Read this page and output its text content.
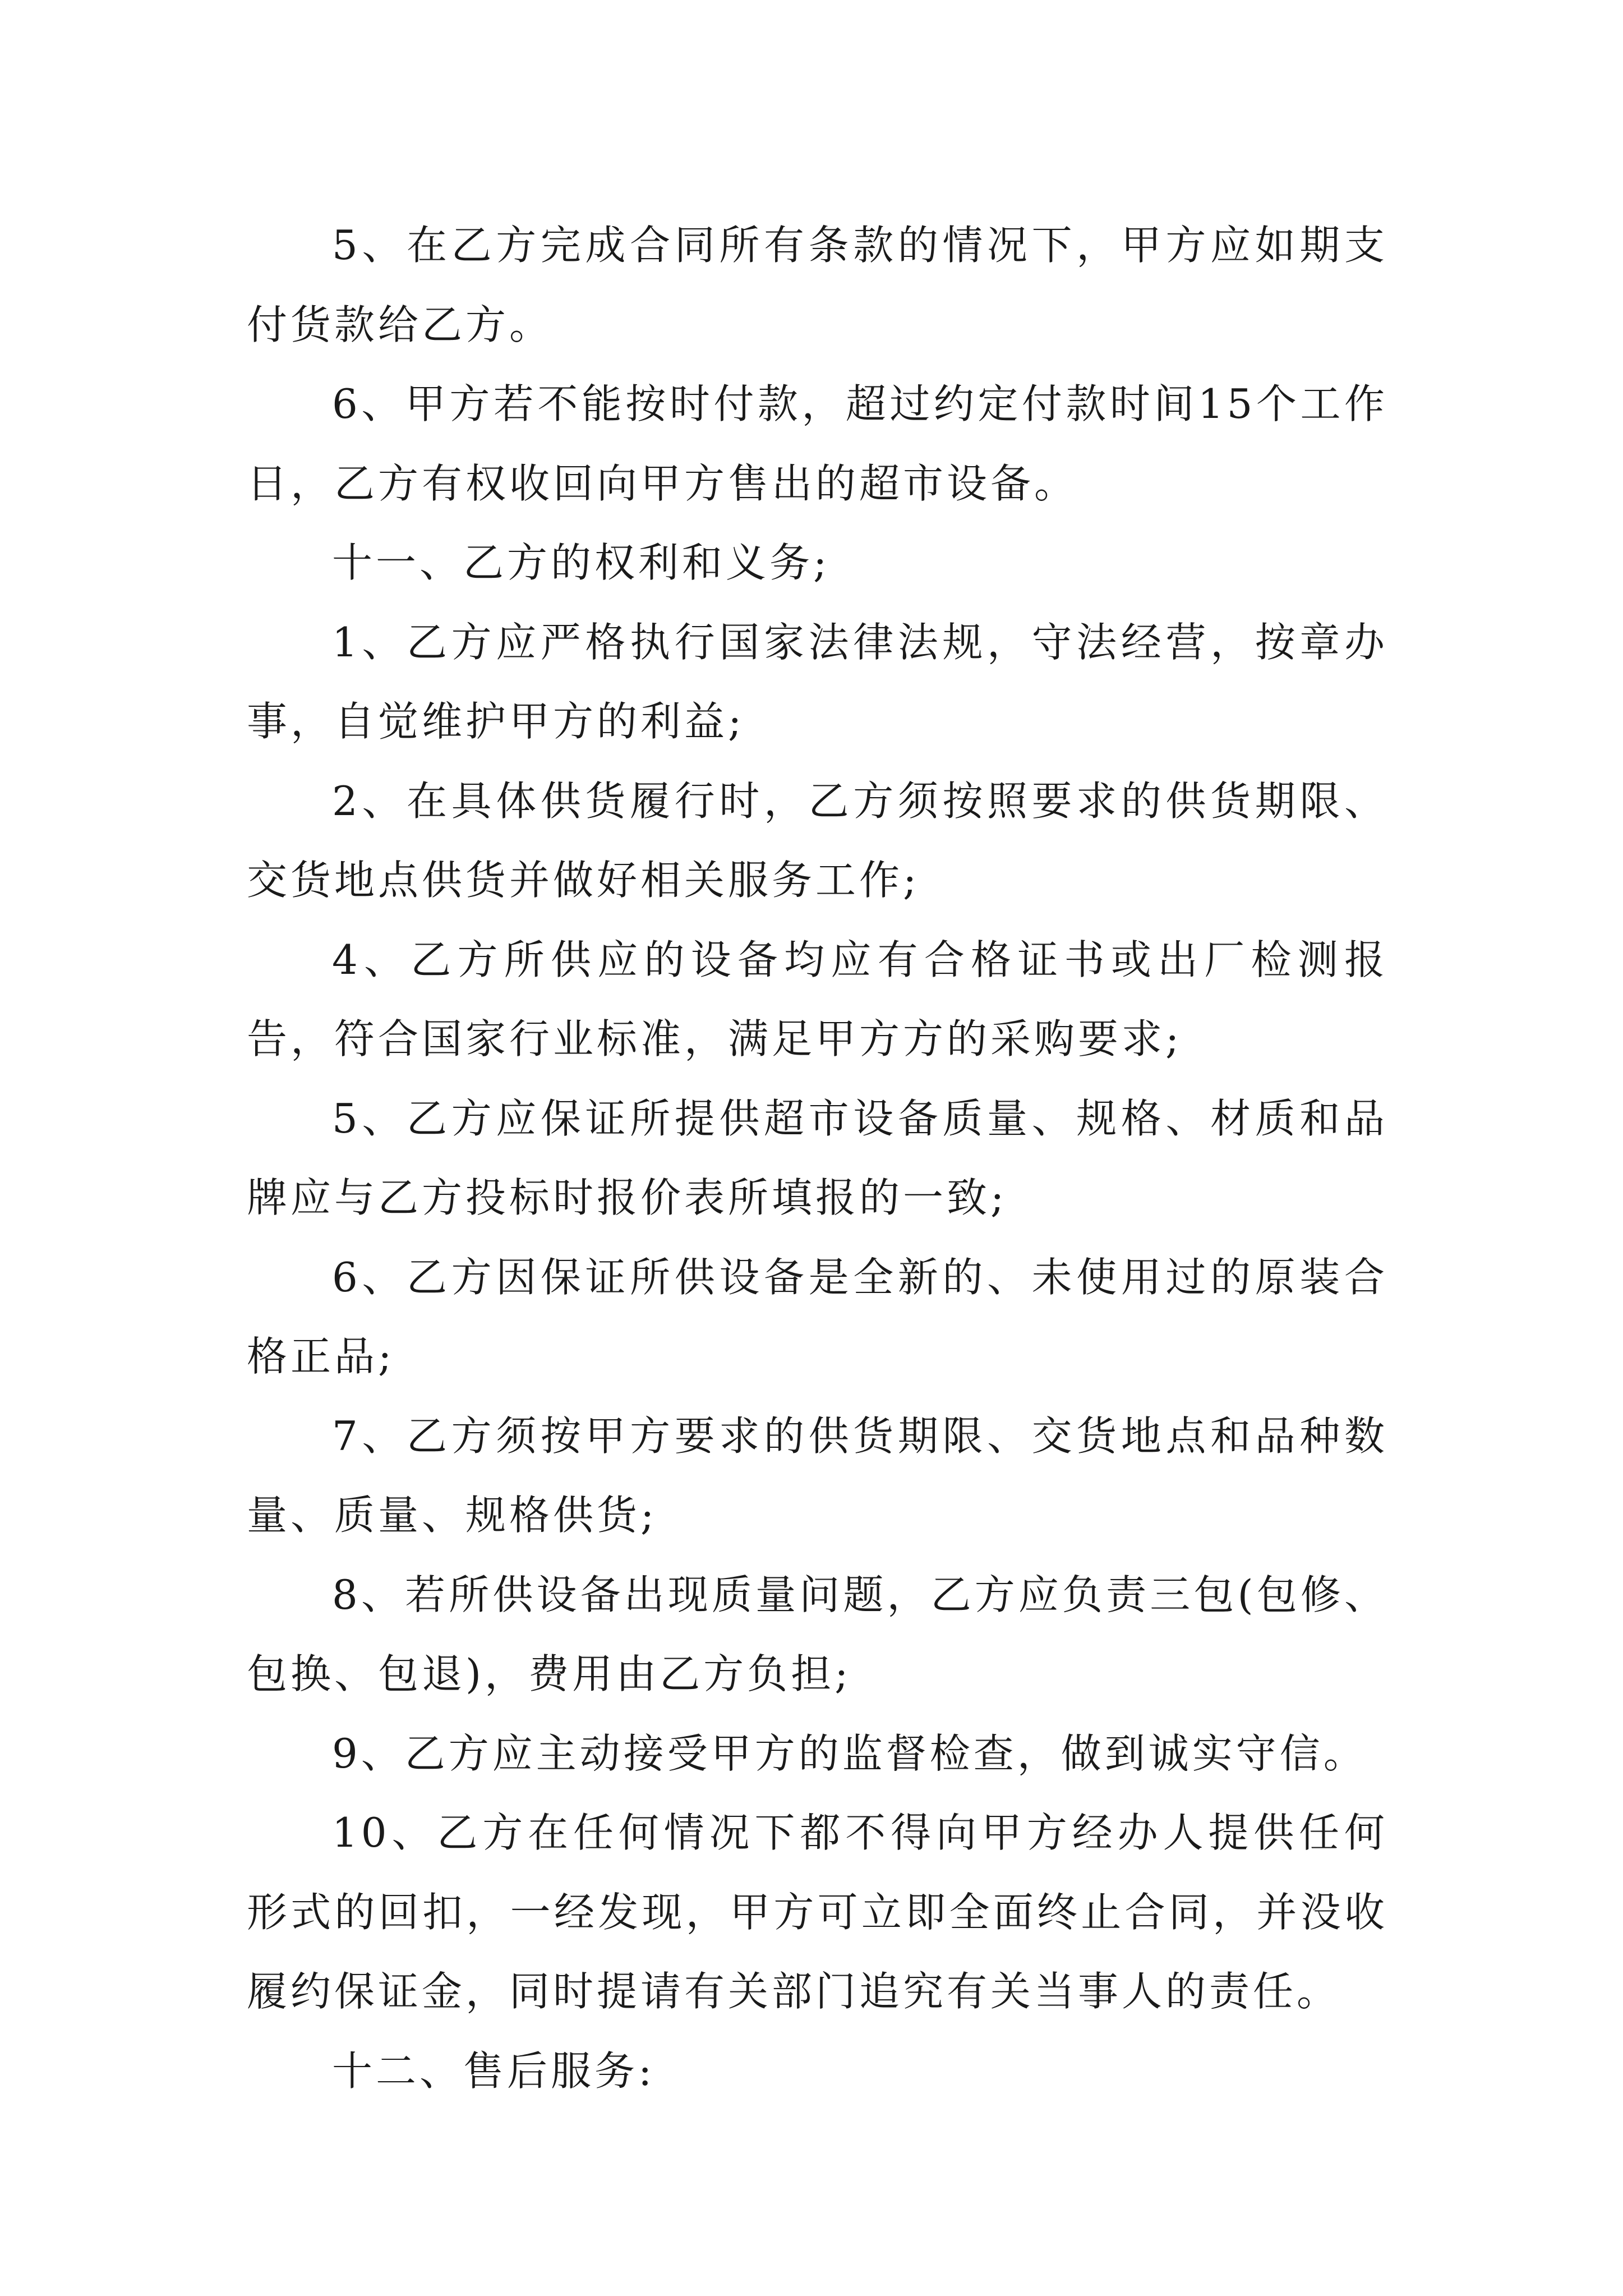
5、在乙方完成合同所有条款的情况下，甲方应如期支付货款给乙方。

6、甲方若不能按时付款，超过约定付款时间15个工作日，乙方有权收回向甲方售出的超市设备。

十一、乙方的权利和义务;

1、乙方应严格执行国家法律法规，守法经营，按章办事，自觉维护甲方的利益;

2、在具体供货履行时，乙方须按照要求的供货期限、交货地点供货并做好相关服务工作;

4、乙方所供应的设备均应有合格证书或出厂检测报告，符合国家行业标准，满足甲方方的采购要求;

5、乙方应保证所提供超市设备质量、规格、材质和品牌应与乙方投标时报价表所填报的一致;

6、乙方因保证所供设备是全新的、未使用过的原装合格正品;

7、乙方须按甲方要求的供货期限、交货地点和品种数量、质量、规格供货;

8、若所供设备出现质量问题，乙方应负责三包(包修、包换、包退)，费用由乙方负担;

9、乙方应主动接受甲方的监督检查，做到诚实守信。

10、乙方在任何情况下都不得向甲方经办人提供任何形式的回扣，一经发现，甲方可立即全面终止合同，并没收履约保证金，同时提请有关部门追究有关当事人的责任。

十二、售后服务:
